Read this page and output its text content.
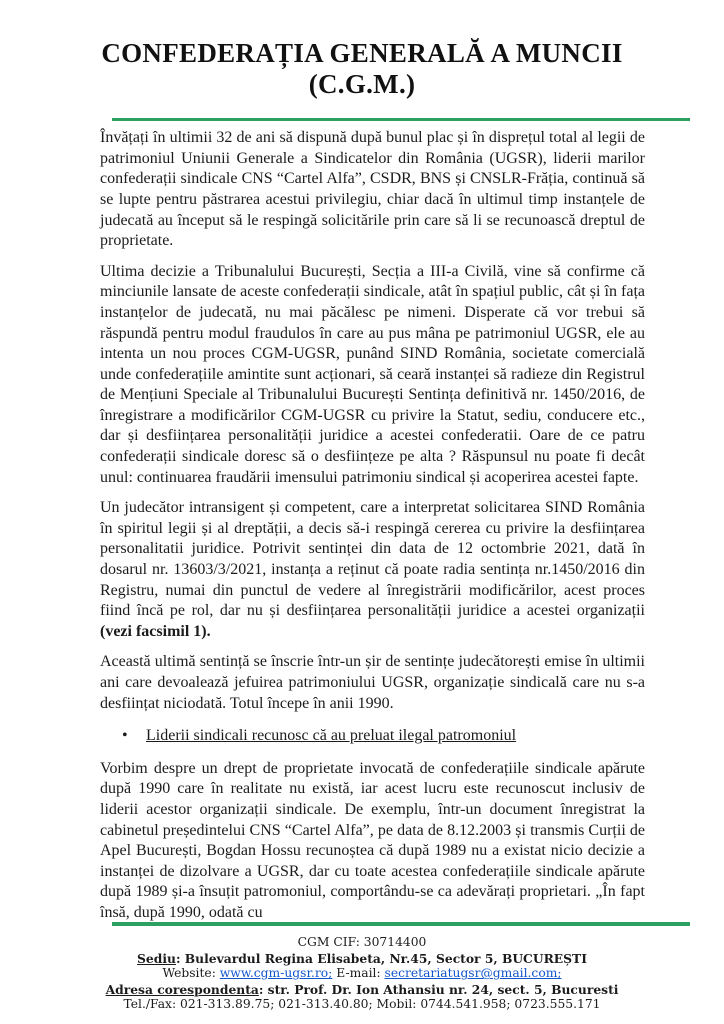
CONFEDERAȚIA GENERALĂ A MUNCII
(C.G.M.)

Învățați în ultimii 32 de ani să dispună după bunul plac și în disprețul total al legii de patrimoniul Uniunii Generale a Sindicatelor din România (UGSR), liderii marilor confederații sindicale CNS “Cartel Alfa”, CSDR, BNS și CNSLR-Frăția, continuă să se lupte pentru păstrarea acestui privilegiu, chiar dacă în ultimul timp instanțele de judecată au început să le respingă solicitările prin care să li se recunoască dreptul de proprietate.

Ultima decizie a Tribunalului București, Secția a III-a Civilă, vine să confirme că minciunile lansate de aceste confederații sindicale, atât în spațiul public, cât și în fața instanțelor de judecată, nu mai păcălesc pe nimeni. Disperate că vor trebui să răspundă pentru modul fraudulos în care au pus mâna pe patrimoniul UGSR, ele au intenta un nou proces CGM-UGSR, punând SIND România, societate comercială unde confederațiile amintite sunt acționari, să ceară instanței să radieze din Registrul de Mențiuni Speciale al Tribunalului București Sentința definitivă nr. 1450/2016, de înregistrare a modificărilor CGM-UGSR cu privire la Statut, sediu, conducere etc., dar și desființarea personalității juridice a acestei confederatii. Oare de ce patru confederații sindicale doresc să o desființeze pe alta ? Răspunsul nu poate fi decât unul: continuarea fraudării imensului patrimoniu sindical și acoperirea acestei fapte.

Un judecător intransigent și competent, care a interpretat solicitarea SIND România în spiritul legii și al dreptății, a decis să-i respingă cererea cu privire la desființarea personalitatii juridice. Potrivit sentinței din data de 12 octombrie 2021, dată în dosarul nr. 13603/3/2021, instanța a reținut că poate radia sentința nr.1450/2016 din Registru, numai din punctul de vedere al înregistrării modificărilor, acest proces fiind încă pe rol, dar nu și desființarea personalității juridice a acestei organizații (vezi facsimil 1).

Această ultimă sentință se înscrie într-un șir de sentințe judecătorești emise în ultimii ani care devoalează jefuirea patrimoniului UGSR, organizație sindicală care nu s-a desființat niciodată. Totul începe în anii 1990.

•	Liderii sindicali recunosc că au preluat ilegal patromoniul

Vorbim despre un drept de proprietate invocată de confederațiile sindicale apărute după 1990 care în realitate nu există, iar acest lucru este recunoscut inclusiv de liderii acestor organizații sindicale. De exemplu, într-un document înregistrat la cabinetul președintelui CNS “Cartel Alfa”, pe data de 8.12.2003 și transmis Curții de Apel București, Bogdan Hossu recunoștea că după 1989 nu a existat nicio decizie a instanței de dizolvare a UGSR, dar cu toate acestea confederațiile sindicale apărute după 1989 și-a însuțit patromoniul, comportându-se ca adevărați proprietari. „În fapt însă, după 1990, odată cu

CGM CIF: 30714400
Sediu: Bulevardul Regina Elisabeta, Nr.45, Sector 5, BUCUREȘTI
Website: www.cgm-ugsr.ro; E-mail: secretariatugsr@gmail.com;
Adresa corespondenta: str. Prof. Dr. Ion Athansiu nr. 24, sect. 5, Bucuresti
Tel./Fax: 021-313.89.75; 021-313.40.80; Mobil: 0744.541.958; 0723.555.171
